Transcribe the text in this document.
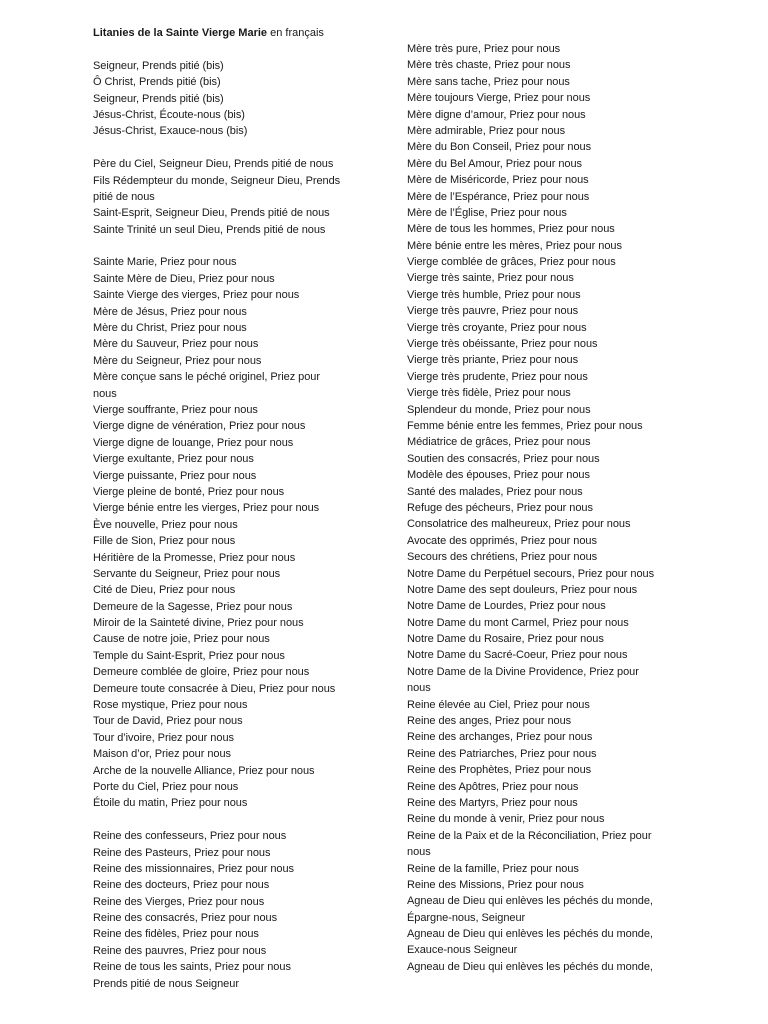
Litanies de la Sainte Vierge Marie en français
Seigneur, Prends pitié (bis)
Ô Christ, Prends pitié (bis)
Seigneur, Prends pitié (bis)
Jésus-Christ, Écoute-nous (bis)
Jésus-Christ, Exauce-nous (bis)
Père du Ciel, Seigneur Dieu, Prends pitié de nous
Fils Rédempteur du monde, Seigneur Dieu, Prends
pitié de nous
Saint-Esprit, Seigneur Dieu, Prends pitié de nous
Sainte Trinité un seul Dieu, Prends pitié de nous
Sainte Marie, Priez pour nous
Sainte Mère de Dieu, Priez pour nous
Sainte Vierge des vierges, Priez pour nous
Mère de Jésus, Priez pour nous
Mère du Christ, Priez pour nous
Mère du Sauveur, Priez pour nous
Mère du Seigneur, Priez pour nous
Mère conçue sans le péché originel, Priez pour
nous
Vierge souffrante, Priez pour nous
Vierge digne de vénération, Priez pour nous
Vierge digne de louange, Priez pour nous
Vierge exultante, Priez pour nous
Vierge puissante, Priez pour nous
Vierge pleine de bonté, Priez pour nous
Vierge bénie entre les vierges, Priez pour nous
Ève nouvelle, Priez pour nous
Fille de Sion, Priez pour nous
Héritière de la Promesse, Priez pour nous
Servante du Seigneur, Priez pour nous
Cité de Dieu, Priez pour nous
Demeure de la Sagesse, Priez pour nous
Miroir de la Sainteté divine, Priez pour nous
Cause de notre joie, Priez pour nous
Temple du Saint-Esprit, Priez pour nous
Demeure comblée de gloire, Priez pour nous
Demeure toute consacrée à Dieu, Priez pour nous
Rose mystique, Priez pour nous
Tour de David, Priez pour nous
Tour d’ivoire, Priez pour nous
Maison d’or, Priez pour nous
Arche de la nouvelle Alliance, Priez pour nous
Porte du Ciel, Priez pour nous
Étoile du matin, Priez pour nous
Reine des confesseurs, Priez pour nous
Reine des Pasteurs, Priez pour nous
Reine des missionnaires, Priez pour nous
Reine des docteurs, Priez pour nous
Reine des Vierges, Priez pour nous
Reine des consacrés, Priez pour nous
Reine des fidèles, Priez pour nous
Reine des pauvres, Priez pour nous
Reine de tous les saints, Priez pour nous
Prends pitié de nous Seigneur
Mère très pure, Priez pour nous
Mère très chaste, Priez pour nous
Mère sans tache, Priez pour nous
Mère toujours Vierge, Priez pour nous
Mère digne d’amour, Priez pour nous
Mère admirable, Priez pour nous
Mère du Bon Conseil, Priez pour nous
Mère du Bel Amour, Priez pour nous
Mère de Miséricorde, Priez pour nous
Mère de l’Espérance, Priez pour nous
Mère de l’Église, Priez pour nous
Mère de tous les hommes, Priez pour nous
Mère bénie entre les mères, Priez pour nous
Vierge comblée de grâces, Priez pour nous
Vierge très sainte, Priez pour nous
Vierge très humble, Priez pour nous
Vierge très pauvre, Priez pour nous
Vierge très croyante, Priez pour nous
Vierge très obéissante, Priez pour nous
Vierge très priante, Priez pour nous
Vierge très prudente, Priez pour nous
Vierge très fidèle, Priez pour nous
Splendeur du monde, Priez pour nous
Femme bénie entre les femmes, Priez pour nous
Médiatrice de grâces, Priez pour nous
Soutien des consacrés, Priez pour nous
Modèle des épouses, Priez pour nous
Santé des malades, Priez pour nous
Refuge des pécheurs, Priez pour nous
Consolatrice des malheureux, Priez pour nous
Avocate des opprimés, Priez pour nous
Secours des chrétiens, Priez pour nous
Notre Dame du Perpétuel secours, Priez pour nous
Notre Dame des sept douleurs, Priez pour nous
Notre Dame de Lourdes, Priez pour nous
Notre Dame du mont Carmel, Priez pour nous
Notre Dame du Rosaire, Priez pour nous
Notre Dame du Sacré-Coeur, Priez pour nous
Notre Dame de la Divine Providence, Priez pour
nous
Reine élevée au Ciel, Priez pour nous
Reine des anges, Priez pour nous
Reine des archanges, Priez pour nous
Reine des Patriarches, Priez pour nous
Reine des Prophètes, Priez pour nous
Reine des Apôtres, Priez pour nous
Reine des Martyrs, Priez pour nous
Reine du monde à venir, Priez pour nous
Reine de la Paix et de la Réconciliation, Priez pour
nous
Reine de la famille, Priez pour nous
Reine des Missions, Priez pour nous
Agneau de Dieu qui enlèves les péchés du monde,
Épargne-nous, Seigneur
Agneau de Dieu qui enlèves les péchés du monde,
Exauce-nous Seigneur
Agneau de Dieu qui enlèves les péchés du monde,
